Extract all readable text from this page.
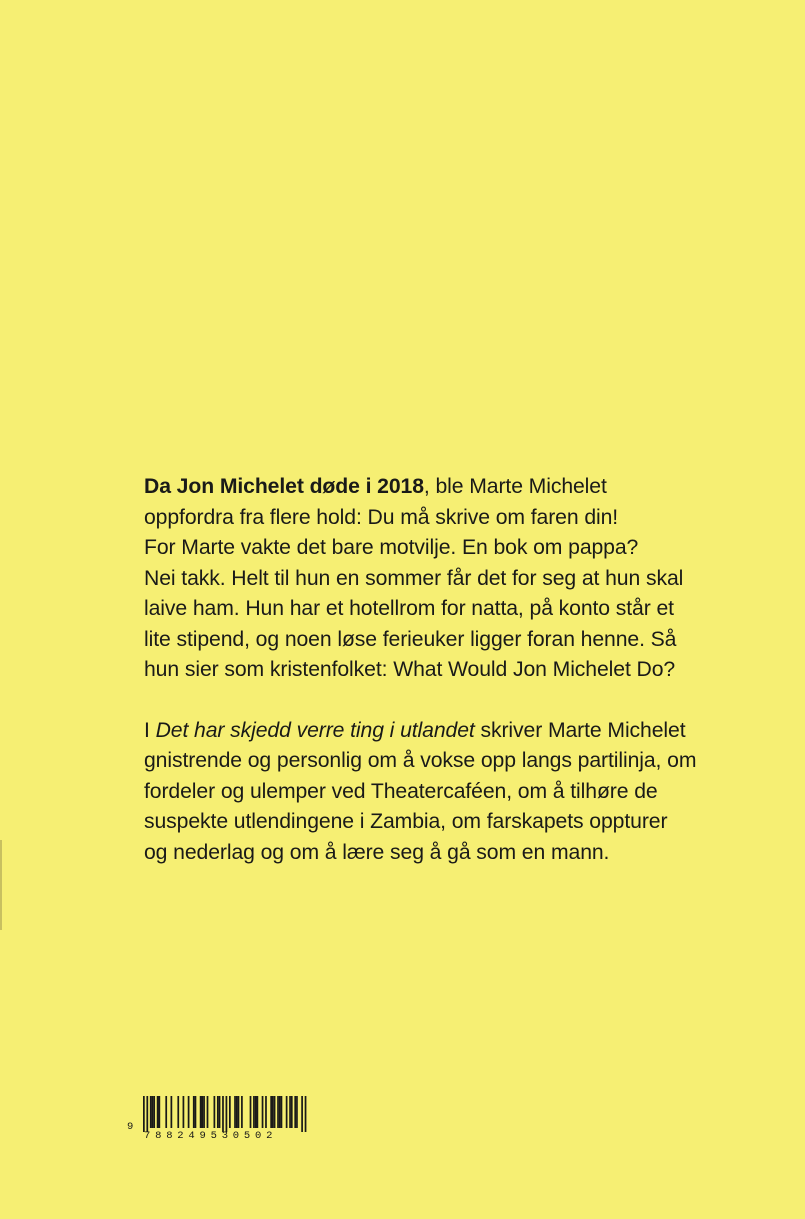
Da Jon Michelet døde i 2018, ble Marte Michelet
oppfordra fra flere hold: Du må skrive om faren din!
For Marte vakte det bare motvilje. En bok om pappa?
Nei takk. Helt til hun en sommer får det for seg at hun skal
laive ham. Hun har et hotellrom for natta, på konto står et
lite stipend, og noen løse ferieuker ligger foran henne. Så
hun sier som kristenfolket: What Would Jon Michelet Do?

I Det har skjedd verre ting i utlandet skriver Marte Michelet
gnistrende og personlig om å vokse opp langs partilinja, om
fordeler og ulemper ved Theatercaféen, om å tilhøre de
suspekte utlendingene i Zambia, om farskapets oppturer
og nederlag og om å lære seg å gå som en mann.

9
788249530502
